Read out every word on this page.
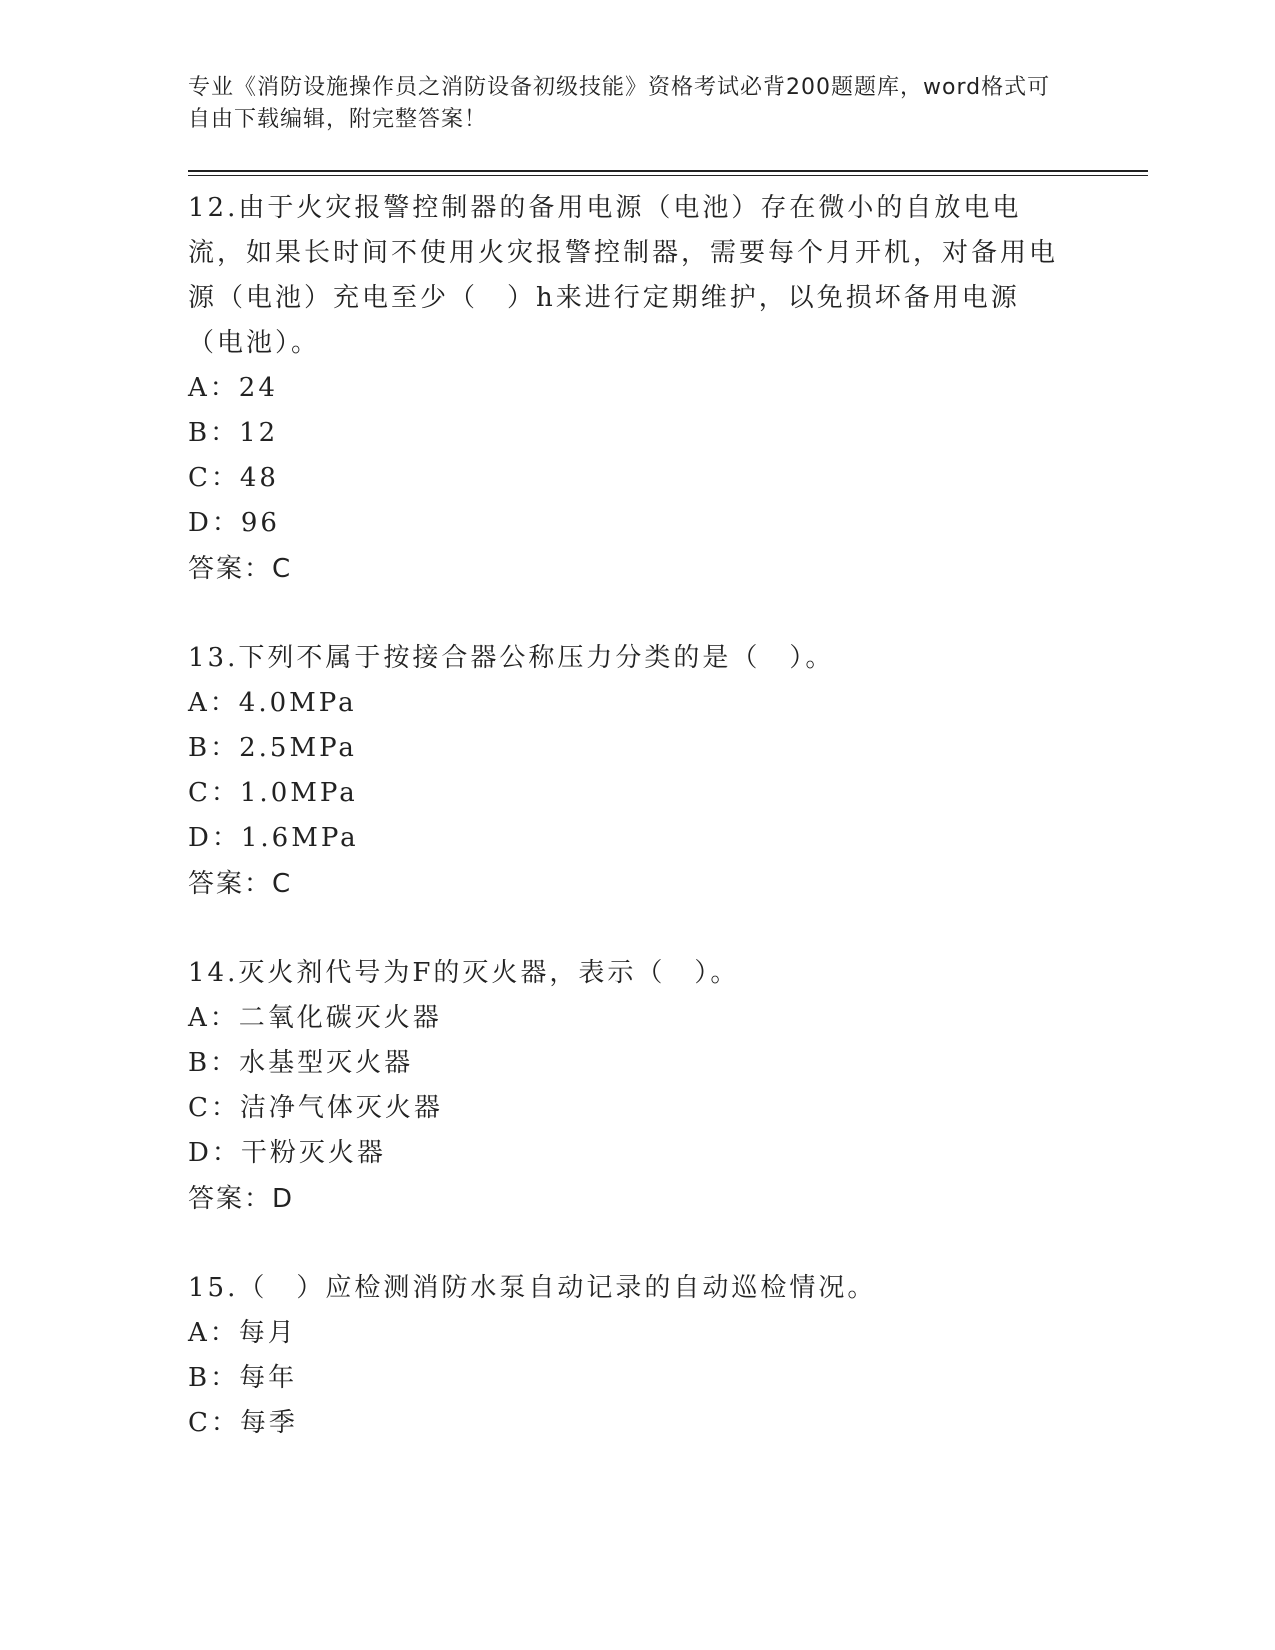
专业《消防设施操作员之消防设备初级技能》资格考试必背200题题库，word格式可自由下载编辑，附完整答案！
12.由于火灾报警控制器的备用电源（电池）存在微小的自放电电流，如果长时间不使用火灾报警控制器，需要每个月开机，对备用电源（电池）充电至少（　）h来进行定期维护，以免损坏备用电源（电池）。
A：24
B：12
C：48
D：96
答案：C
13.下列不属于按接合器公称压力分类的是（　）。
A：4.0MPa
B：2.5MPa
C：1.0MPa
D：1.6MPa
答案：C
14.灭火剂代号为F的灭火器，表示（　）。
A：二氧化碳灭火器
B：水基型灭火器
C：洁净气体灭火器
D：干粉灭火器
答案：D
15.（　）应检测消防水泵自动记录的自动巡检情况。
A：每月
B：每年
C：每季
